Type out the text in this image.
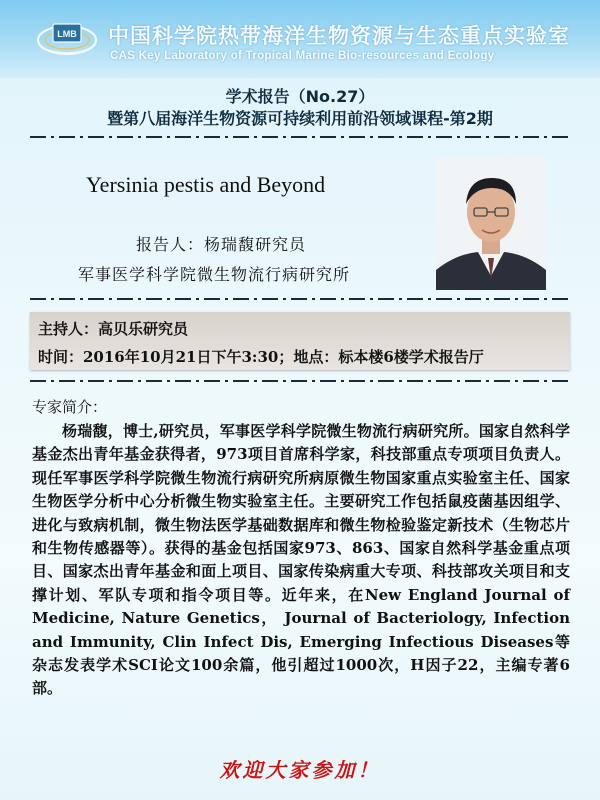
LMB 中国科学院热带海洋生物资源与生态重点实验室
CAS Key Laboratory of Tropical Marine Bio-resources and Ecology
学术报告（No.27）
暨第八届海洋生物资源可持续利用前沿领域课程-第2期
Yersinia pestis and Beyond
报告人：杨瑞馥研究员
军事医学科学院微生物流行病研究所
主持人：高贝乐研究员
时间：2016年10月21日下午3:30；地点：标本楼6楼学术报告厅
专家简介：
杨瑞馥，博士,研究员，军事医学科学院微生物流行病研究所。国家自然科学基金杰出青年基金获得者，973项目首席科学家，科技部重点专项项目负责人。现任军事医学科学院微生物流行病研究所病原微生物国家重点实验室主任、国家生物医学分析中心分析微生物实验室主任。主要研究工作包括鼠疫菌基因组学、进化与致病机制，微生物法医学基础数据库和微生物检验鉴定新技术（生物芯片和生物传感器等）。获得的基金包括国家973、863、国家自然科学基金重点项目、国家杰出青年基金和面上项目、国家传染病重大专项、科技部攻关项目和支撑计划、军队专项和指令项目等。近年来，在New England Journal of Medicine, Nature Genetics， Journal of Bacteriology, Infection and Immunity, Clin Infect Dis, Emerging Infectious Diseases等杂志发表学术SCI论文100余篇，他引超过1000次，H因子22，主编专著6部。
欢迎大家参加！
